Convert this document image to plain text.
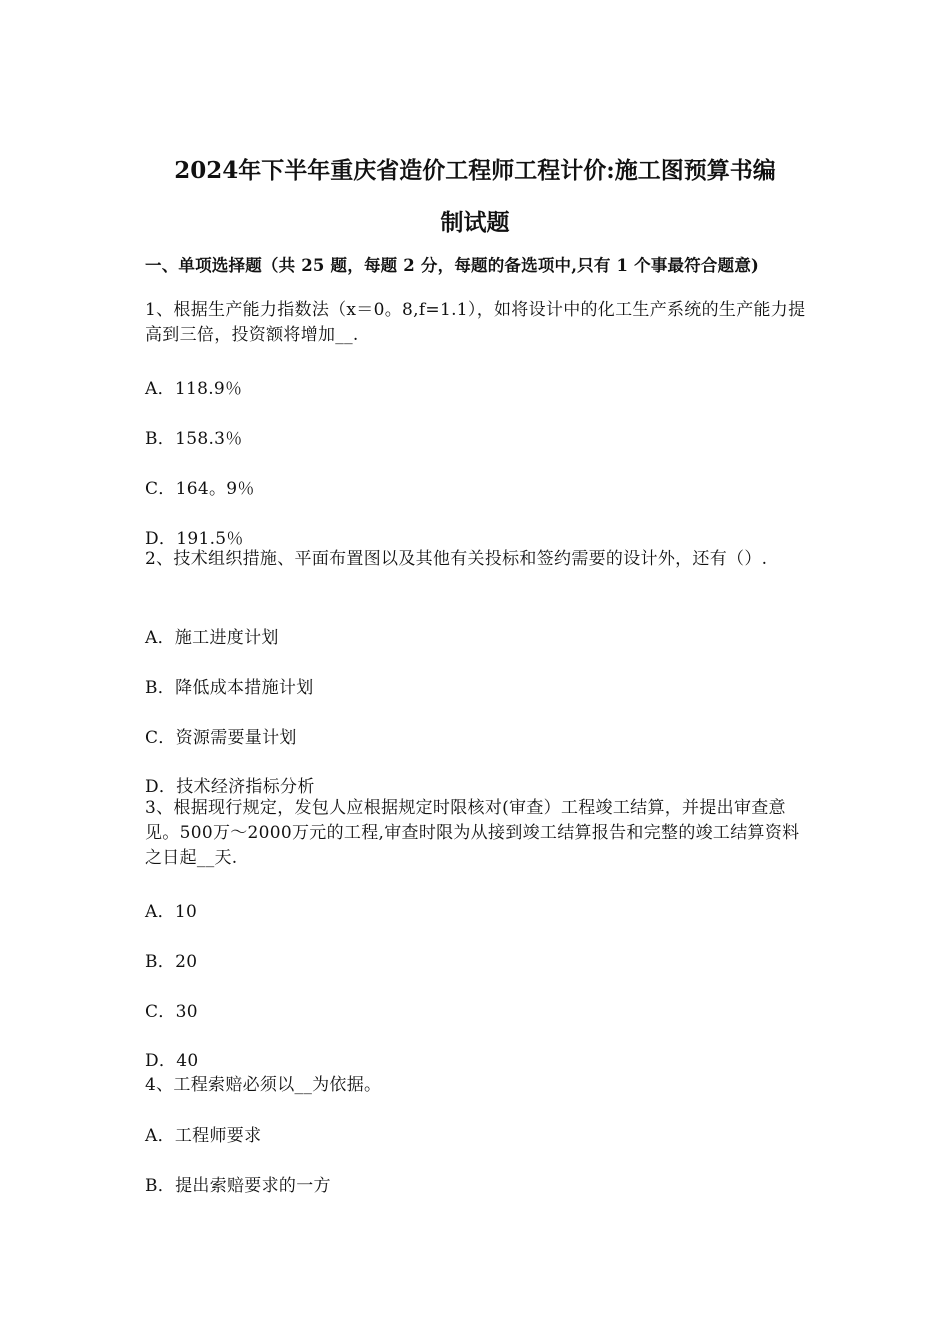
2024年下半年重庆省造价工程师工程计价:施工图预算书编
制试题
一、单项选择题（共 25 题，每题 2 分，每题的备选项中,只有 1 个事最符合题意)
1、根据生产能力指数法（x＝0。8,f=1.1），如将设计中的化工生产系统的生产能力提高到三倍，投资额将增加__.
A．118.9％
B．158.3％
C．164。9％
D．191.5％
2、技术组织措施、平面布置图以及其他有关投标和签约需要的设计外，还有（）.
A．施工进度计划
B．降低成本措施计划
C．资源需要量计划
D．技术经济指标分析
3、根据现行规定，发包人应根据规定时限核对(审查）工程竣工结算，并提出审查意见。500万～2000万元的工程,审查时限为从接到竣工结算报告和完整的竣工结算资料之日起__天.
A．10
B．20
C．30
D．40
4、工程索赔必须以__为依据。
A．工程师要求
B．提出索赔要求的一方
